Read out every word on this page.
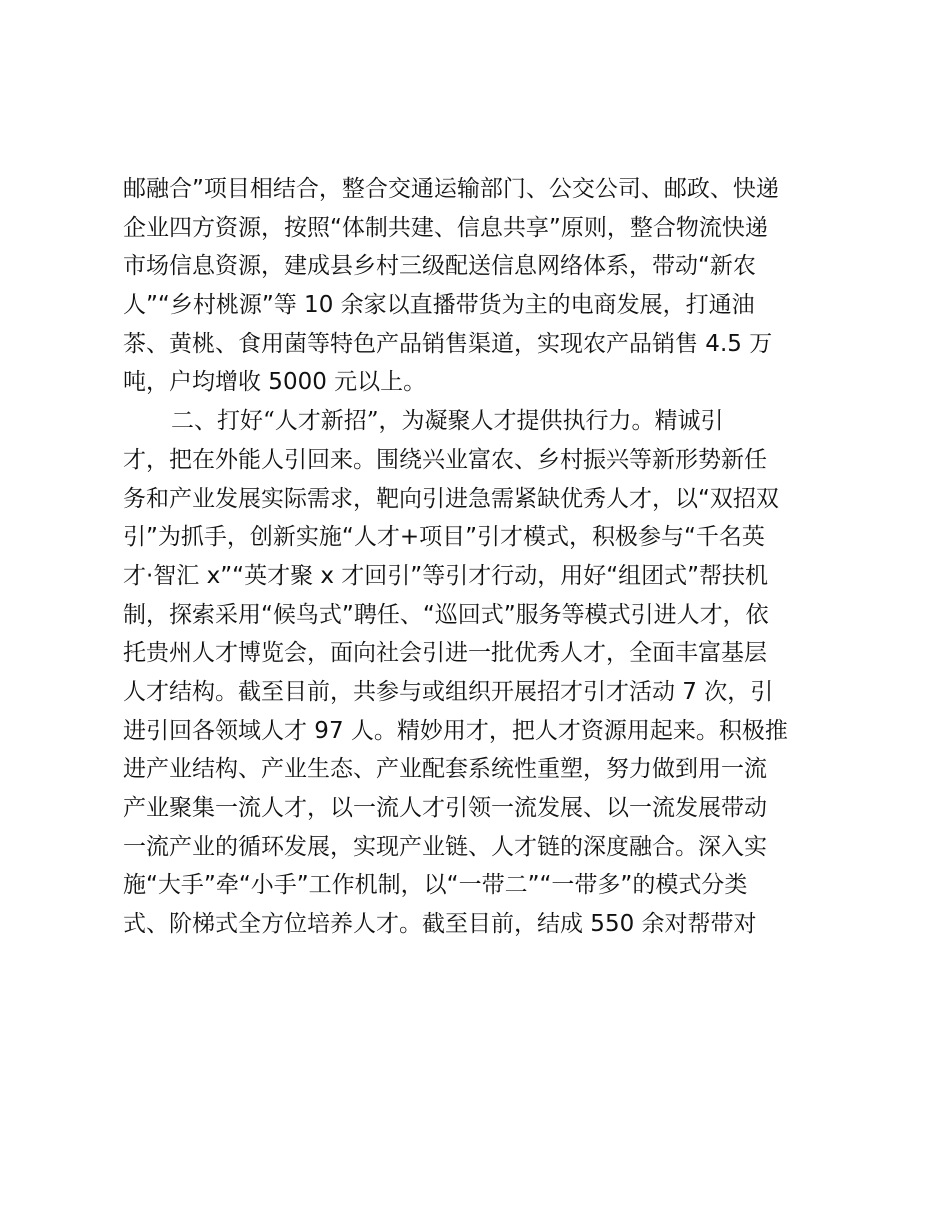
邮融合”项目相结合，整合交通运输部门、公交公司、邮政、快递
企业四方资源，按照“体制共建、信息共享”原则，整合物流快递
市场信息资源，建成县乡村三级配送信息网络体系，带动“新农
人”“乡村桃源”等 10 余家以直播带货为主的电商发展，打通油
茶、黄桃、食用菌等特色产品销售渠道，实现农产品销售 4.5 万
吨，户均增收 5000 元以上。
二、打好“人才新招”，为凝聚人才提供执行力。精诚引
才，把在外能人引回来。围绕兴业富农、乡村振兴等新形势新任
务和产业发展实际需求，靶向引进急需紧缺优秀人才，以“双招双
引”为抓手，创新实施“人才+项目”引才模式，积极参与“千名英
才·智汇 x”“英才聚 x 才回引”等引才行动，用好“组团式”帮扶机
制，探索采用“候鸟式”聘任、“巡回式”服务等模式引进人才，依
托贵州人才博览会，面向社会引进一批优秀人才，全面丰富基层
人才结构。截至目前，共参与或组织开展招才引才活动 7 次，引
进引回各领域人才 97 人。精妙用才，把人才资源用起来。积极推
进产业结构、产业生态、产业配套系统性重塑，努力做到用一流
产业聚集一流人才，以一流人才引领一流发展、以一流发展带动
一流产业的循环发展，实现产业链、人才链的深度融合。深入实
施“大手”牵“小手”工作机制，以“一带二”“一带多”的模式分类
式、阶梯式全方位培养人才。截至目前，结成 550 余对帮带对
